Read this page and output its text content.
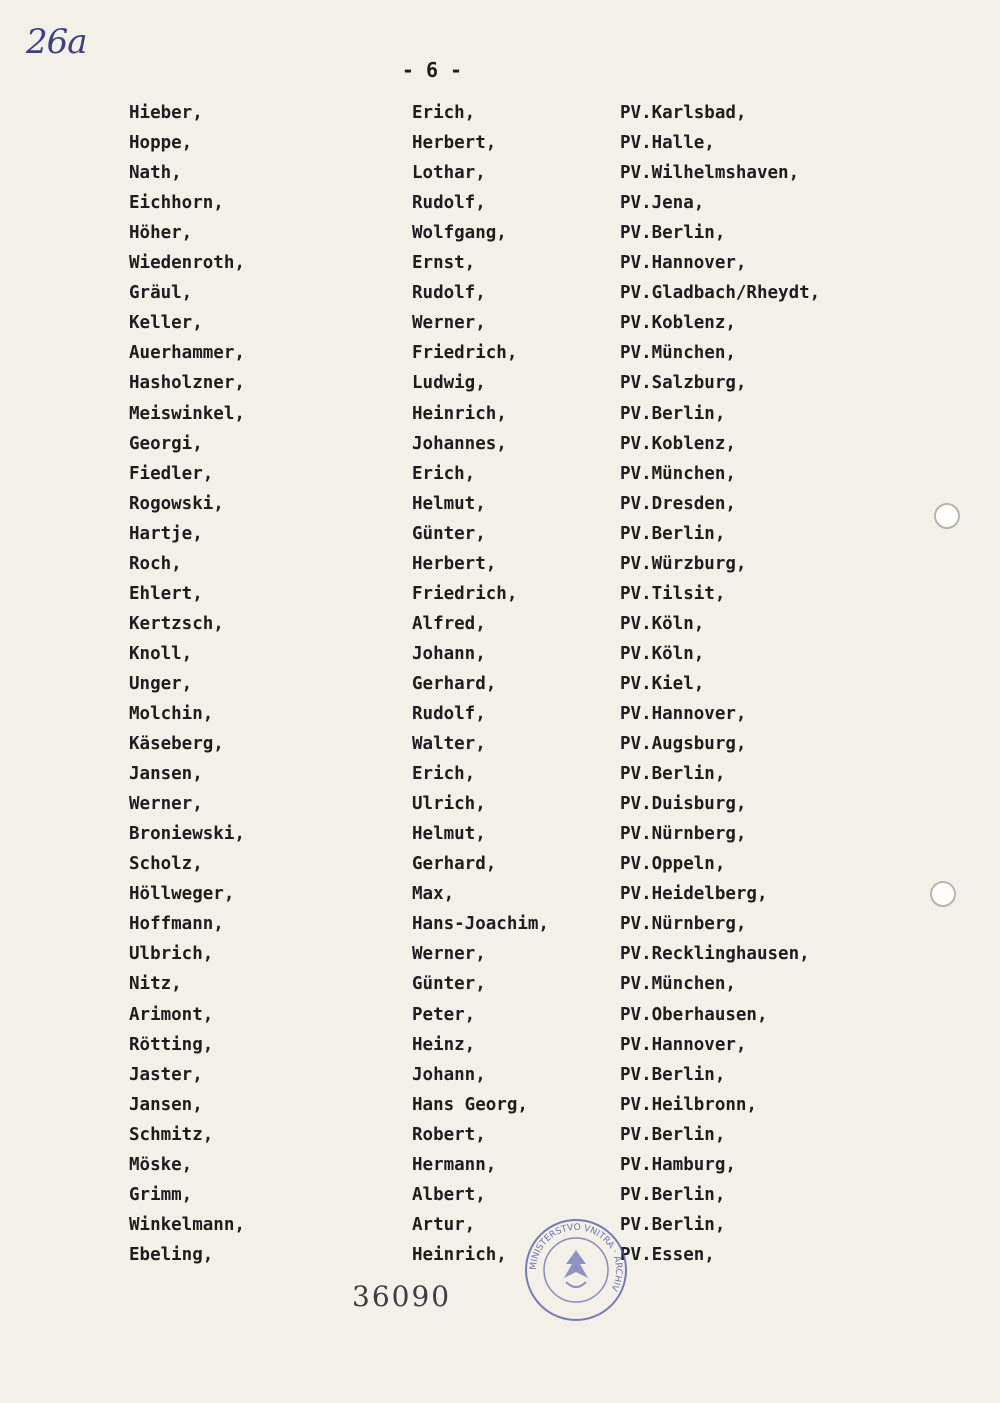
26a
- 6 -
Hieber,	Erich,	PV.Karlsbad,
Hoppe,	Herbert,	PV.Halle,
Nath,	Lothar,	PV.Wilhelmshaven,
Eichhorn,	Rudolf,	PV.Jena,
Höher,	Wolfgang,	PV.Berlin,
Wiedenroth,	Ernst,	PV.Hannover,
Gräul,	Rudolf,	PV.Gladbach/Rheydt,
Keller,	Werner,	PV.Koblenz,
Auerhammer,	Friedrich,	PV.München,
Hasholzner,	Ludwig,	PV.Salzburg,
Meiswinkel,	Heinrich,	PV.Berlin,
Georgi,	Johannes,	PV.Koblenz,
Fiedler,	Erich,	PV.München,
Rogowski,	Helmut,	PV.Dresden,
Hartje,	Günter,	PV.Berlin,
Roch,	Herbert,	PV.Würzburg,
Ehlert,	Friedrich,	PV.Tilsit,
Kertzsch,	Alfred,	PV.Köln,
Knoll,	Johann,	PV.Köln,
Unger,	Gerhard,	PV.Kiel,
Molchin,	Rudolf,	PV.Hannover,
Käseberg,	Walter,	PV.Augsburg,
Jansen,	Erich,	PV.Berlin,
Werner,	Ulrich,	PV.Duisburg,
Broniewski,	Helmut,	PV.Nürnberg,
Scholz,	Gerhard,	PV.Oppeln,
Höllweger,	Max,	PV.Heidelberg,
Hoffmann,	Hans-Joachim,	PV.Nürnberg,
Ulbrich,	Werner,	PV.Recklinghausen,
Nitz,	Günter,	PV.München,
Arimont,	Peter,	PV.Oberhausen,
Rötting,	Heinz,	PV.Hannover,
Jaster,	Johann,	PV.Berlin,
Jansen,	Hans Georg,	PV.Heilbronn,
Schmitz,	Robert,	PV.Berlin,
Möske,	Hermann,	PV.Hamburg,
Grimm,	Albert,	PV.Berlin,
Winkelmann,	Artur,	PV.Berlin,
Ebeling,	Heinrich,	PV.Essen,
MINISTERSTVO VNITRA · ARCHIV
36090
